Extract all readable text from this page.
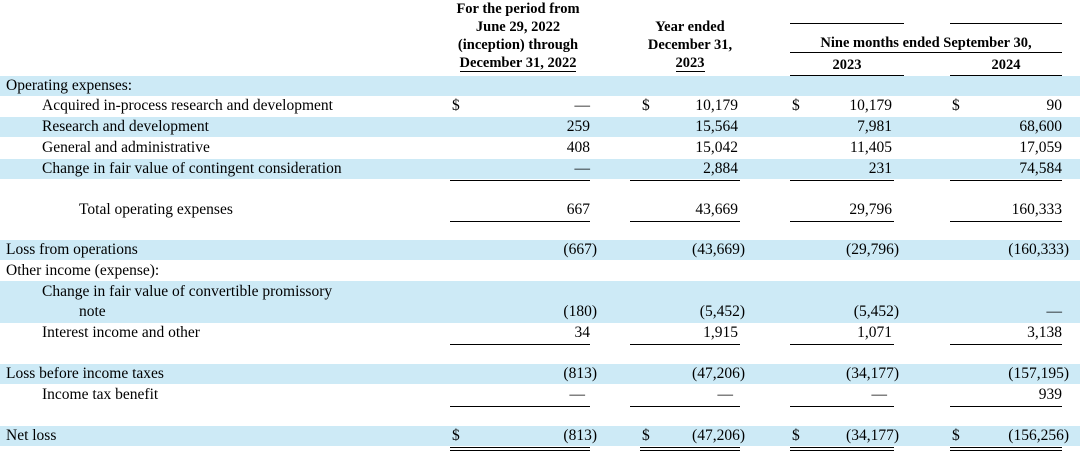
For the period from
June 29, 2022
(inception) through
December 31, 2022
Year ended
December 31,
2023
Nine months ended September 30,
2023	2024
Operating expenses:
Acquired in-process research and development	$	—	$	10,179	$	10,179	$	90
Research and development	259	15,564	7,981	68,600
General and administrative	408	15,042	11,405	17,059
Change in fair value of contingent consideration	—	2,884	231	74,584
Total operating expenses	667	43,669	29,796	160,333
Loss from operations	(667)	(43,669)	(29,796)	(160,333)
Other income (expense):
Change in fair value of convertible promissory
note	(180)	(5,452)	(5,452)	—
Interest income and other	34	1,915	1,071	3,138
Loss before income taxes	(813)	(47,206)	(34,177)	(157,195)
Income tax benefit	—	—	—	939
Net loss	$	(813)	$	(47,206)	$	(34,177)	$	(156,256)
